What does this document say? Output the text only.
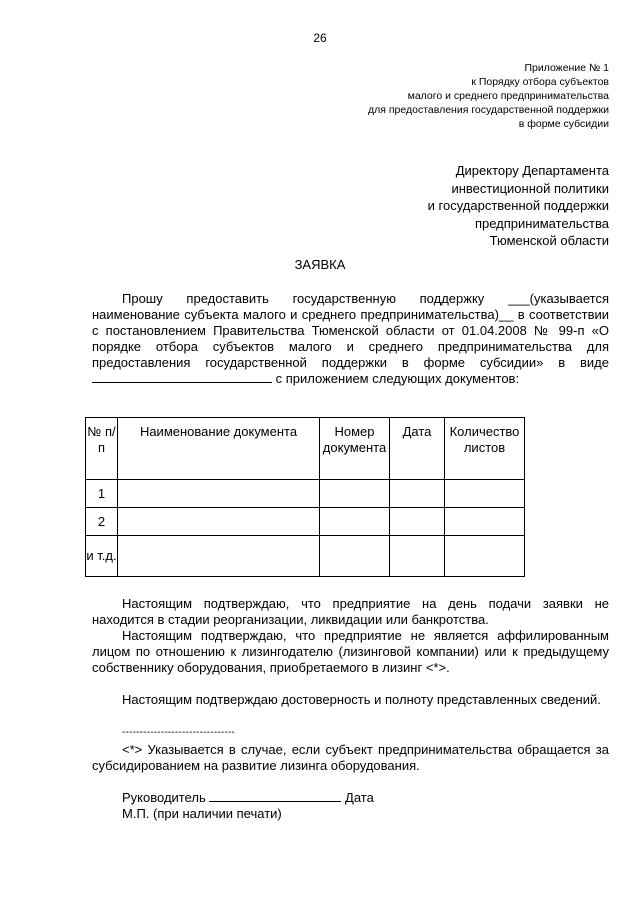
26
Приложение № 1
к Порядку отбора субъектов
малого и среднего предпринимательства
для предоставления государственной поддержки
в форме субсидии
Директору Департамента
инвестиционной политики
и государственной поддержки
предпринимательства
Тюменской области
ЗАЯВКА
Прошу предоставить государственную поддержку ___(указывается наименование субъекта малого и среднего предпринимательства)__ в соответствии с постановлением Правительства Тюменской области от 01.04.2008 № 99-п «О порядке отбора субъектов малого и среднего предпринимательства для предоставления государственной поддержки в форме субсидии» в виде  с приложением следующих документов:
№ п/п	Наименование документа	Номер документа	Дата	Количество листов
1				
2				
и т.д.				
Настоящим подтверждаю, что предприятие на день подачи заявки не находится в стадии реорганизации, ликвидации или банкротства.
Настоящим подтверждаю, что предприятие не является аффилированным лицом по отношению к лизингодателю (лизинговой компании) или к предыдущему собственнику оборудования, приобретаемого в лизинг <*>.
Настоящим подтверждаю достоверность и полноту представленных сведений.
--------------------------------
<*> Указывается в случае, если субъект предпринимательства обращается за субсидированием на развитие лизинга оборудования.
Руководитель	Дата
М.П. (при наличии печати)
